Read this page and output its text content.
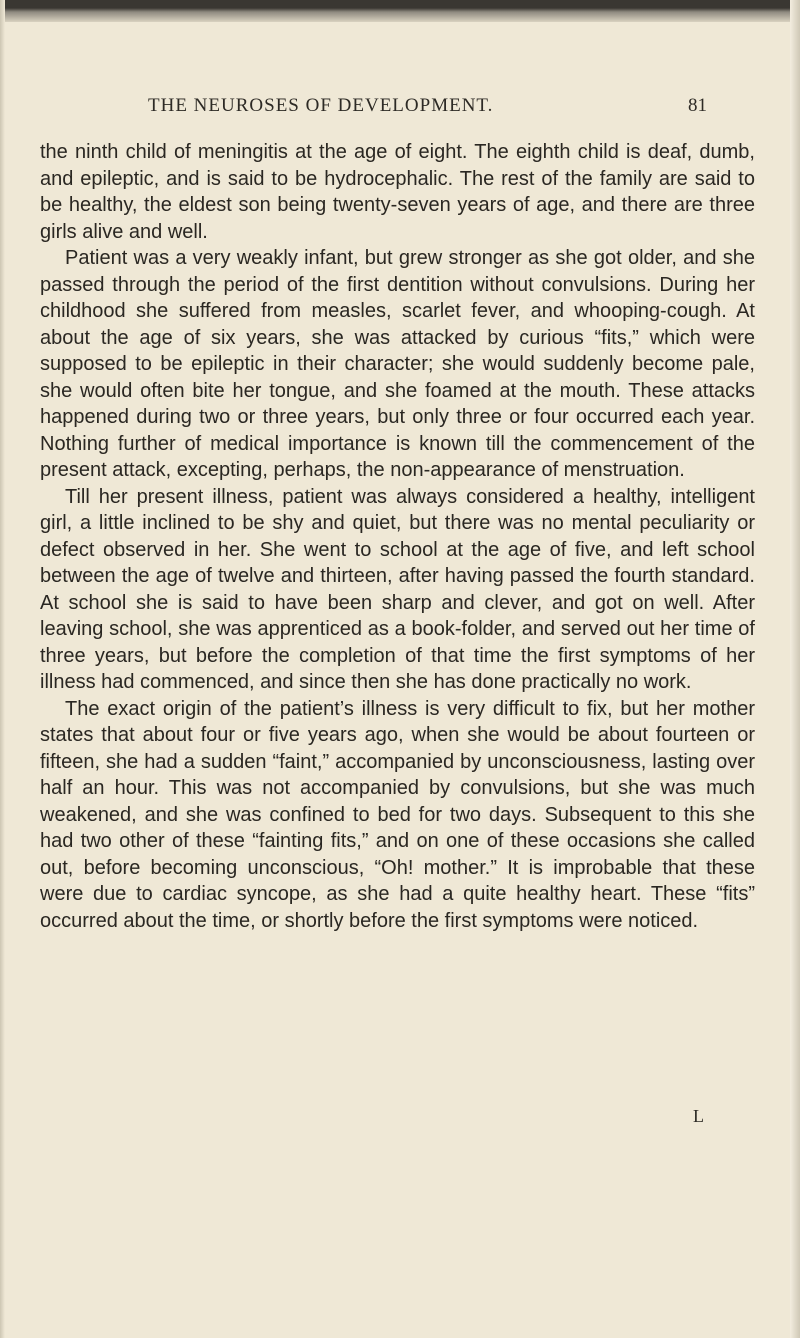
THE NEUROSES OF DEVELOPMENT.	81

the ninth child of meningitis at the age of eight. The eighth child is deaf, dumb, and epileptic, and is said to be hydrocephalic. The rest of the family are said to be healthy, the eldest son being twenty-seven years of age, and there are three girls alive and well.

Patient was a very weakly infant, but grew stronger as she got older, and she passed through the period of the first dentition without convulsions. During her childhood she suffered from measles, scarlet fever, and whooping-cough. At about the age of six years, she was attacked by curious “fits,” which were supposed to be epileptic in their character; she would suddenly become pale, she would often bite her tongue, and she foamed at the mouth. These attacks happened during two or three years, but only three or four occurred each year. Nothing further of medical importance is known till the commencement of the present attack, excepting, perhaps, the non-appearance of menstruation.

Till her present illness, patient was always considered a healthy, intelligent girl, a little inclined to be shy and quiet, but there was no mental peculiarity or defect observed in her. She went to school at the age of five, and left school between the age of twelve and thirteen, after having passed the fourth standard. At school she is said to have been sharp and clever, and got on well. After leaving school, she was apprenticed as a book-folder, and served out her time of three years, but before the completion of that time the first symptoms of her illness had commenced, and since then she has done practically no work.

The exact origin of the patient’s illness is very difficult to fix, but her mother states that about four or five years ago, when she would be about fourteen or fifteen, she had a sudden “faint,” accompanied by unconsciousness, lasting over half an hour. This was not accompanied by convulsions, but she was much weakened, and she was confined to bed for two days. Subsequent to this she had two other of these “fainting fits,” and on one of these occasions she called out, before becoming unconscious, “Oh! mother.” It is improbable that these were due to cardiac syncope, as she had a quite healthy heart. These “fits” occurred about the time, or shortly before the first symptoms were noticed.

L
